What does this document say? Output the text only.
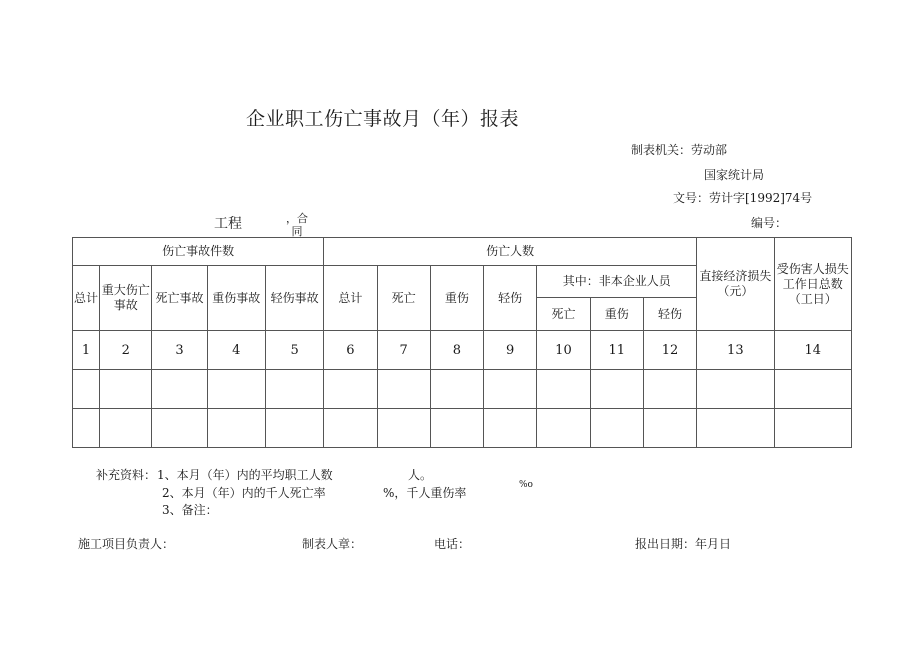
企业职工伤亡事故月（年）报表
制表机关： 劳动部
国家统计局
文号：劳计字[1992]74号
工程	，合同
编号：
伤亡事故件数					伤亡人数							直接经济损失（元）	受伤害人损失工作日总数（工日）
总计	重大伤亡事故	死亡事故	重伤事故	轻伤事故	总计	死亡	重伤	轻伤	其中：非本企业人员				
									死亡	重伤	轻伤		
1	2	3	4	5	6	7	8	9	10	11	12	13	14

补充资料： 1、本月（年）内的平均职工人数	人。
2、本月（年）内的千人死亡率	%，千人重伤率
%o
3、备注：
施工项目负责人：	制表人章：	电话：	报出日期：年月日
